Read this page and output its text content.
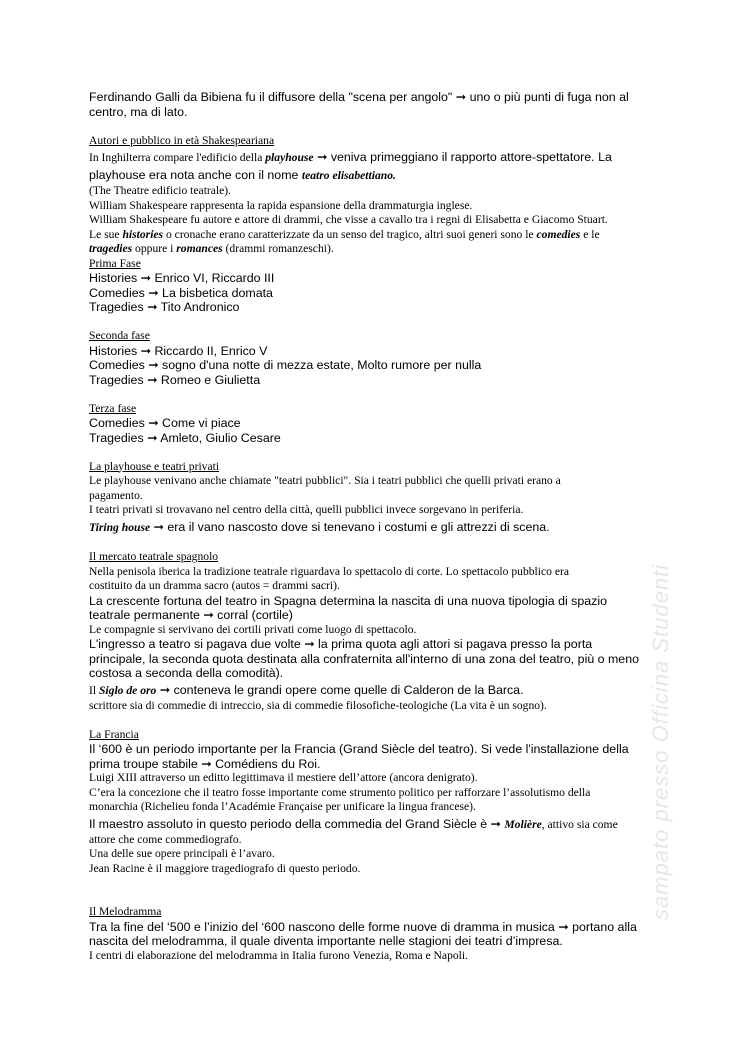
sampato presso Officina Studenti
Ferdinando Galli da Bibiena fu il diffusore della "scena per angolo" ➞ uno o più punti di fuga non al
centro, ma di lato.
Autori e pubblico in età Shakespeariana
In Inghilterra compare l'edificio della playhouse ➞ veniva primeggiano il rapporto attore-spettatore. La
playhouse era nota anche con il nome teatro elisabettiano.
(The Theatre edificio teatrale).
William Shakespeare rappresenta la rapida espansione della drammaturgia inglese.
William Shakespeare fu autore e attore di drammi, che visse a cavallo tra i regni di Elisabetta e Giacomo Stuart.
Le sue histories o cronache erano caratterizzate da un senso del tragico, altri suoi generi sono le comedies e le
tragedies oppure i romances (drammi romanzeschi).
Prima Fase
Histories ➞ Enrico VI, Riccardo III
Comedies ➞ La bisbetica domata
Tragedies ➞ Tito Andronico
Seconda fase
Histories ➞ Riccardo II, Enrico V
Comedies ➞ sogno d'una notte di mezza estate, Molto rumore per nulla
Tragedies ➞ Romeo e Giulietta
Terza fase
Comedies ➞ Come vi piace
Tragedies ➞ Amleto, Giulio Cesare
La playhouse e teatri privati
Le playhouse venivano anche chiamate "teatri pubblici". Sia i teatri pubblici che quelli privati erano a
pagamento.
I teatri privati si trovavano nel centro della città, quelli pubblici invece sorgevano in periferia.
Tiring house ➞ era il vano nascosto dove si tenevano i costumi e gli attrezzi di scena.
Il mercato teatrale spagnolo
Nella penisola iberica la tradizione teatrale riguardava lo spettacolo di corte. Lo spettacolo pubblico era
costituito da un dramma sacro (autos = drammi sacri).
La crescente fortuna del teatro in Spagna determina la nascita di una nuova tipologia di spazio
teatrale permanente ➞ corral (cortile)
Le compagnie si servivano dei cortili privati come luogo di spettacolo.
L'ingresso a teatro si pagava due volte ➞ la prima quota agli attori si pagava presso la porta
principale, la seconda quota destinata alla confraternita all'interno di una zona del teatro, più o meno
costosa a seconda della comodità).
Il Siglo de oro ➞ conteneva le grandi opere come quelle di Calderon de la Barca.
scrittore sia di commedie di intreccio, sia di commedie filosofiche-teologiche (La vita è un sogno).
La Francia
Il ‘600 è un periodo importante per la Francia (Grand Siècle del teatro). Si vede l'installazione della
prima troupe stabile ➞ Comédiens du Roi.
Luigi XIII attraverso un editto legittimava il mestiere dell’attore (ancora denigrato).
C’era la concezione che il teatro fosse importante come strumento politico per rafforzare l’assolutismo della
monarchia (Richelieu fonda l’Académie Française per unificare la lingua francese).
Il maestro assoluto in questo periodo della commedia del Grand Siècle è ➞ Molière, attivo sia come
attore che come commediografo.
Una delle sue opere principali è l’avaro.
Jean Racine è il maggiore tragediografo di questo periodo.
Il Melodramma
Tra la fine del ‘500 e l’inizio del ‘600 nascono delle forme nuove di dramma in musica ➞ portano alla
nascita del melodramma, il quale diventa importante nelle stagioni dei teatri d’impresa.
I centri di elaborazione del melodramma in Italia furono Venezia, Roma e Napoli.
